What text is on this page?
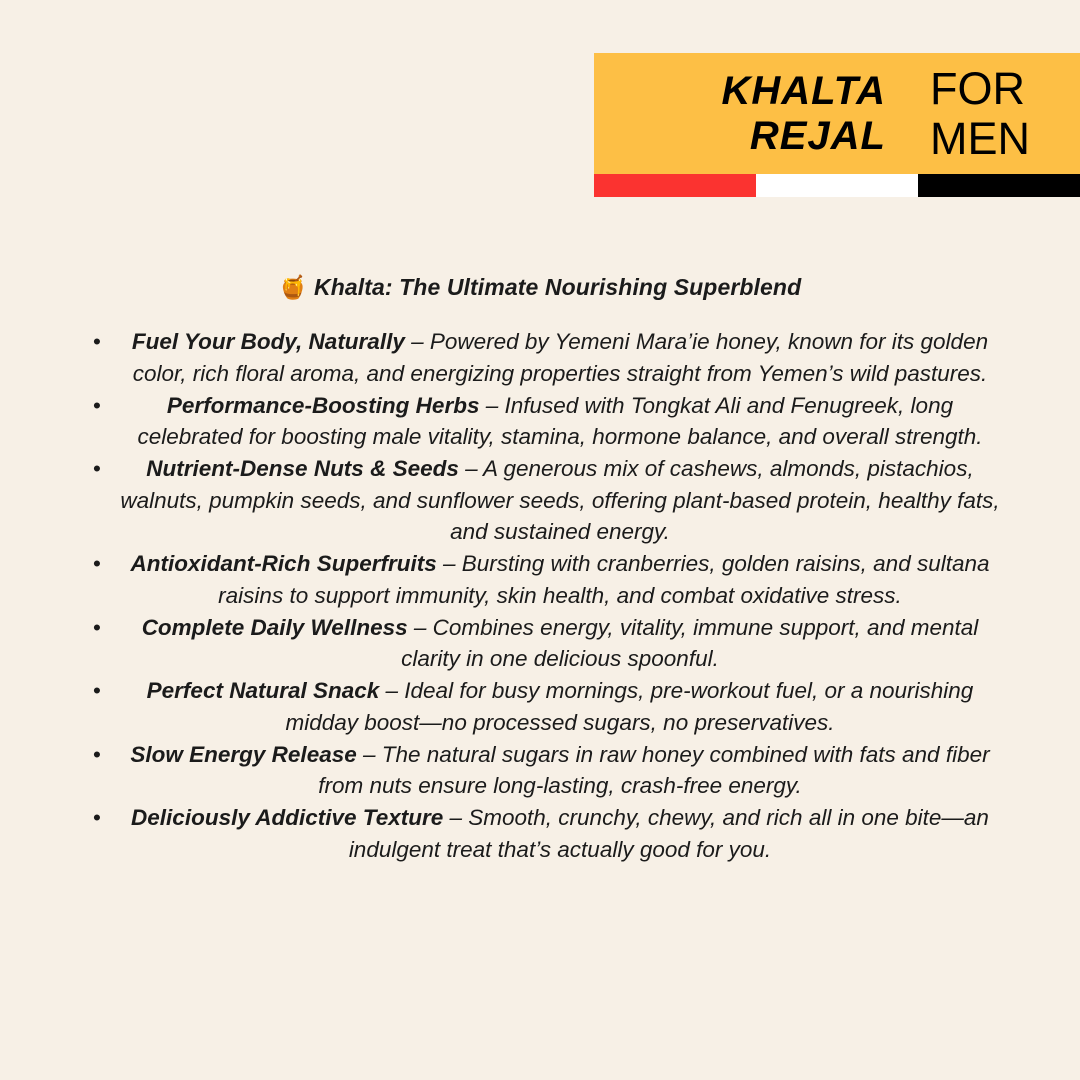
KHALTA
REJAL
FOR
MEN

🍯 Khalta: The Ultimate Nourishing Superblend

• Fuel Your Body, Naturally – Powered by Yemeni Mara’ie honey, known for its golden color, rich floral aroma, and energizing properties straight from Yemen’s wild pastures.
•	Performance-Boosting Herbs – Infused with Tongkat Ali and Fenugreek, long celebrated for boosting male vitality, stamina, hormone balance, and overall strength.
• Nutrient-Dense Nuts & Seeds – A generous mix of cashews, almonds, pistachios, walnuts, pumpkin seeds, and sunflower seeds, offering plant-based protein, healthy fats, and sustained energy.
• Antioxidant-Rich Superfruits – Bursting with cranberries, golden raisins, and sultana raisins to support immunity, skin health, and combat oxidative stress.
• Complete Daily Wellness – Combines energy, vitality, immune support, and mental clarity in one delicious spoonful.
• Perfect Natural Snack – Ideal for busy mornings, pre-workout fuel, or a nourishing midday boost—no processed sugars, no preservatives.
• Slow Energy Release – The natural sugars in raw honey combined with fats and fiber from nuts ensure long-lasting, crash-free energy.
• Deliciously Addictive Texture – Smooth, crunchy, chewy, and rich all in one bite—an indulgent treat that’s actually good for you.
